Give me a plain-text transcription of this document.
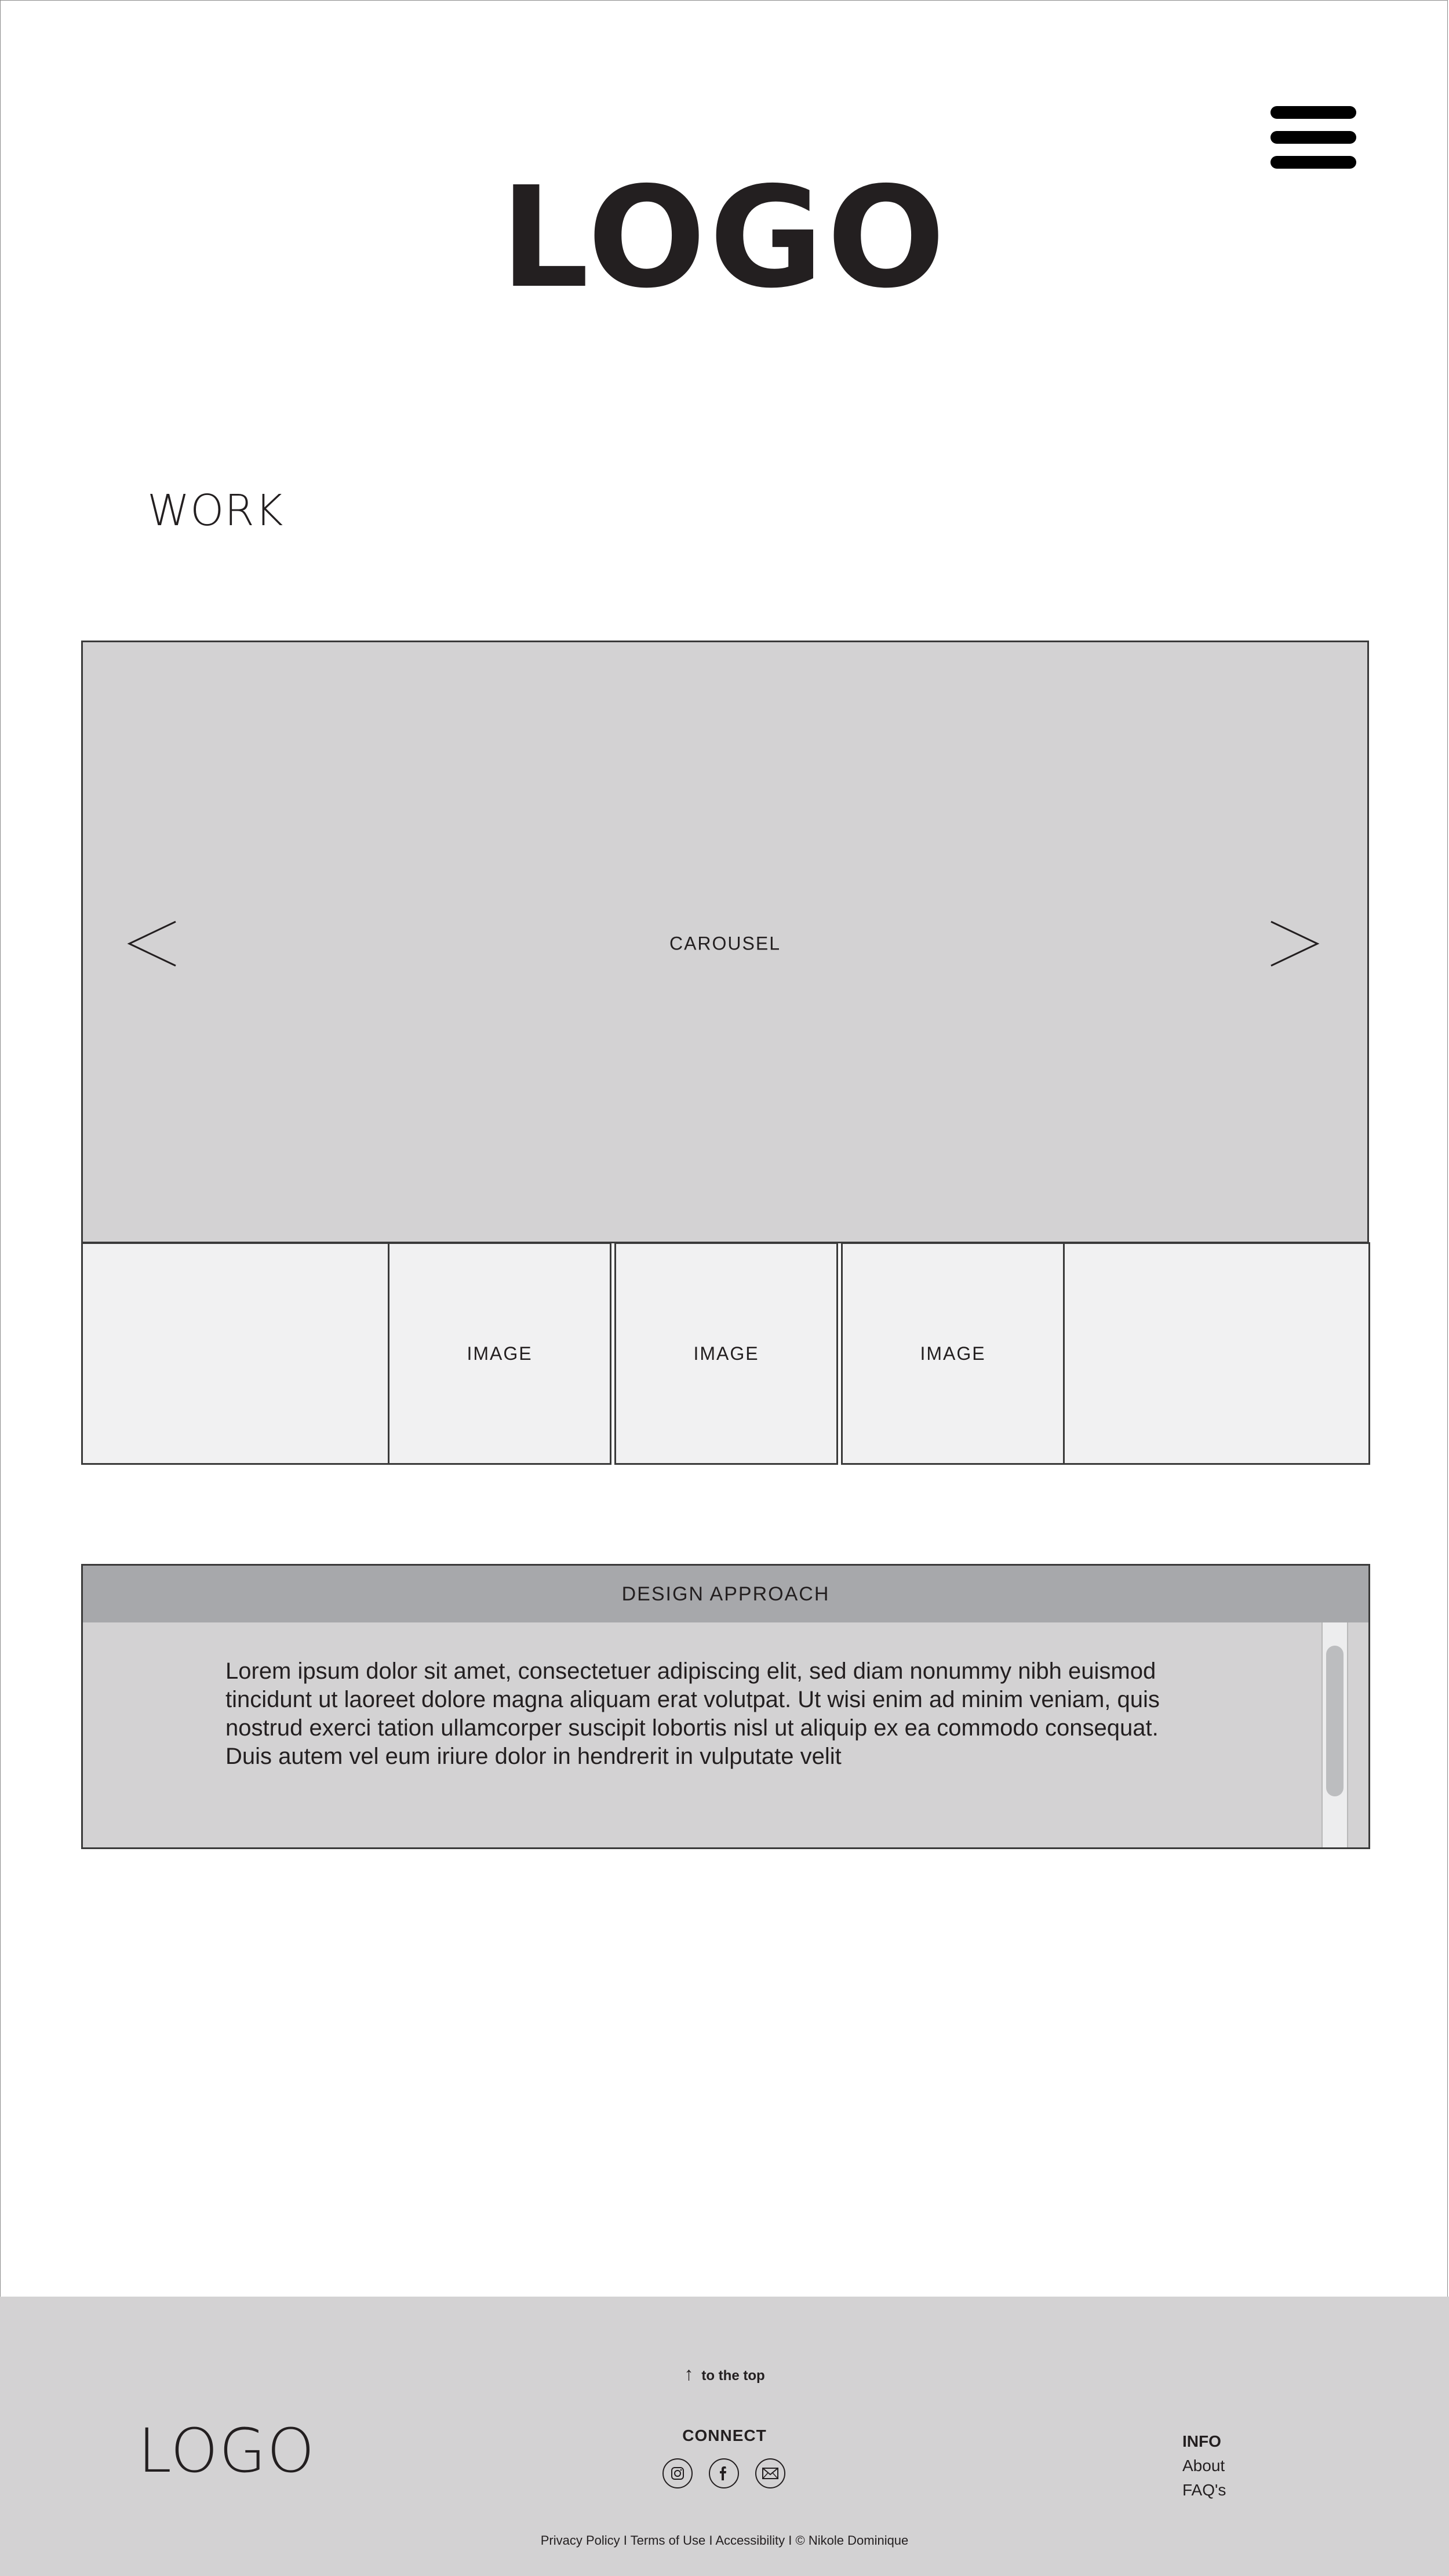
LOGO
WORK
CAROUSEL
IMAGE	IMAGE	IMAGE
DESIGN APPROACH
Lorem ipsum dolor sit amet, consectetuer adipiscing elit, sed diam nonummy nibh euismod
tincidunt ut laoreet dolore magna aliquam erat volutpat. Ut wisi enim ad minim veniam, quis
nostrud exerci tation ullamcorper suscipit lobortis nisl ut aliquip ex ea commodo consequat.
Duis autem vel eum iriure dolor in hendrerit in vulputate velit
↑ to the top
LOGO	CONNECT	INFO
About
FAQ's
Privacy Policy I Terms of Use I Accessibility I © Nikole Dominique
